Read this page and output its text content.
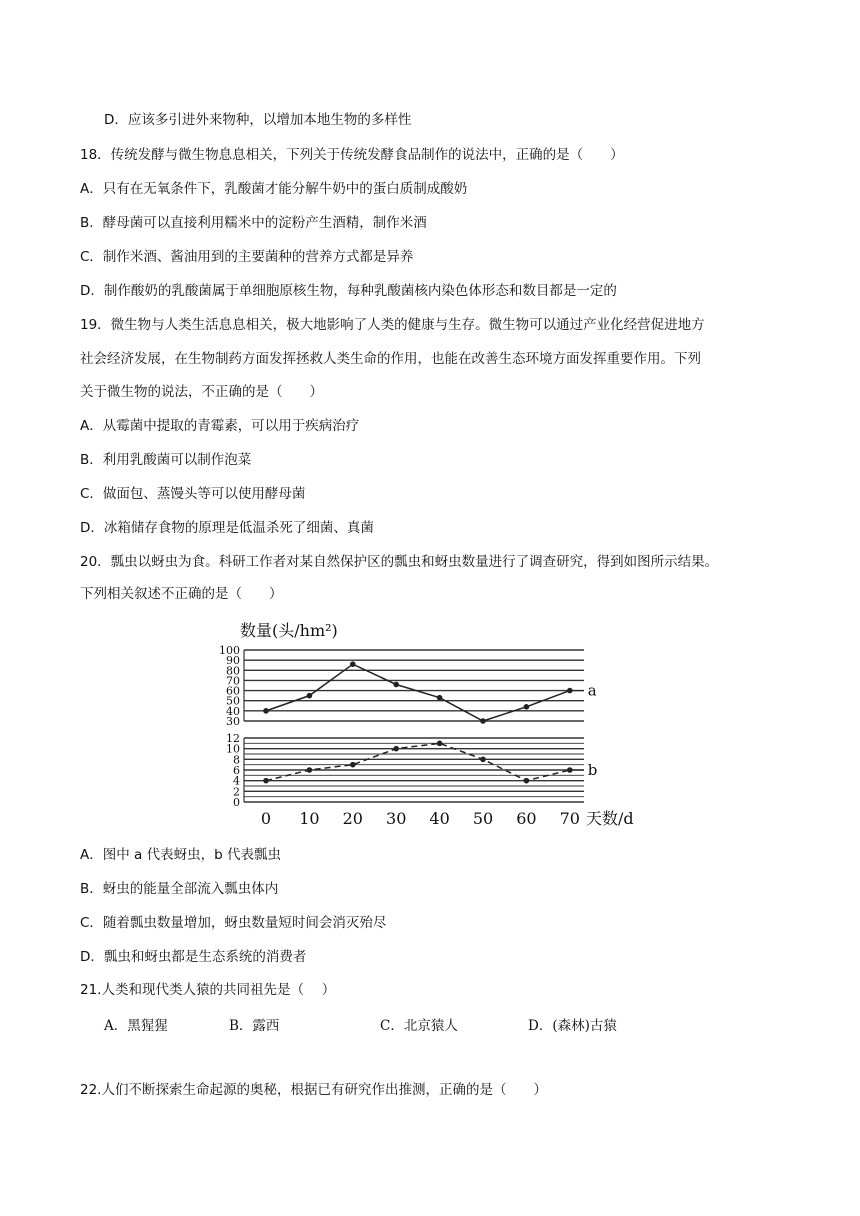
D．应该多引进外来物种，以增加本地生物的多样性
18．传统发酵与微生物息息相关，下列关于传统发酵食品制作的说法中，正确的是（　　）
A．只有在无氧条件下，乳酸菌才能分解牛奶中的蛋白质制成酸奶
B．酵母菌可以直接利用糯米中的淀粉产生酒精，制作米酒
C．制作米酒、酱油用到的主要菌种的营养方式都是异养
D．制作酸奶的乳酸菌属于单细胞原核生物，每种乳酸菌核内染色体形态和数目都是一定的
19．微生物与人类生活息息相关，极大地影响了人类的健康与生存。微生物可以通过产业化经营促进地方
社会经济发展，在生物制药方面发挥拯救人类生命的作用，也能在改善生态环境方面发挥重要作用。下列
关于微生物的说法，不正确的是（　　）
A．从霉菌中提取的青霉素，可以用于疾病治疗
B．利用乳酸菌可以制作泡菜
C．做面包、蒸馒头等可以使用酵母菌
D．冰箱储存食物的原理是低温杀死了细菌、真菌
20．瓢虫以蚜虫为食。科研工作者对某自然保护区的瓢虫和蚜虫数量进行了调查研究，得到如图所示结果。
下列相关叙述不正确的是（　　）
30
40
50
60
70
80
90
100
0
2
4
6
8
10
12
0 10 20 30 40 50 60 70
a
b
数量(头/hm²)
天数/d
A．图中 a 代表蚜虫，b 代表瓢虫
B．蚜虫的能量全部流入瓢虫体内
C．随着瓢虫数量增加，蚜虫数量短时间会消灭殆尽
D．瓢虫和蚜虫都是生态系统的消费者
21.人类和现代类人猿的共同祖先是（　 ）
A．黑猩猩	B．露西	C．北京猿人	D．(森林)古猿
22.人们不断探索生命起源的奥秘，根据已有研究作出推测，正确的是（　　）
